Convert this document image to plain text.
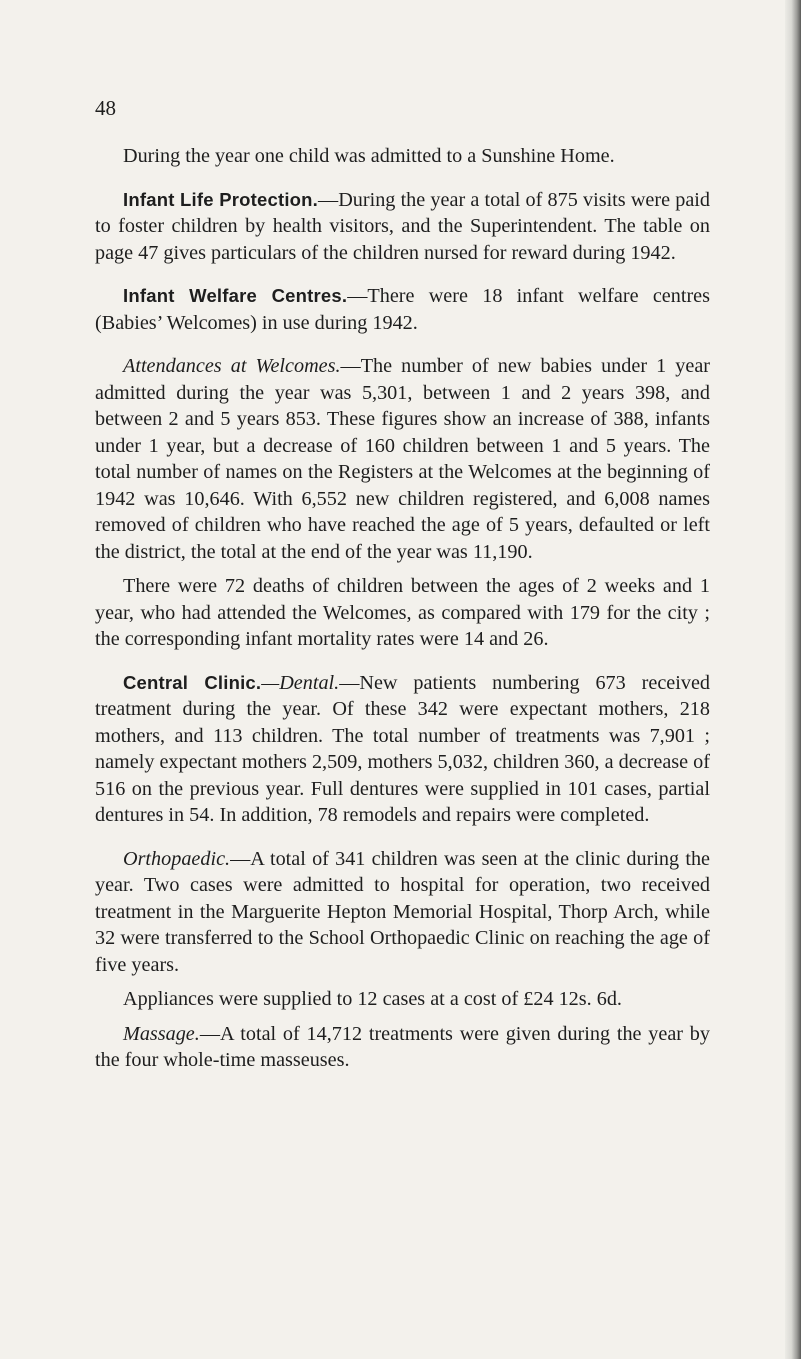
48

During the year one child was admitted to a Sunshine Home.

Infant Life Protection.—During the year a total of 875 visits were paid to foster children by health visitors, and the Superintendent. The table on page 47 gives particulars of the children nursed for reward during 1942.

Infant Welfare Centres.—There were 18 infant welfare centres (Babies’ Welcomes) in use during 1942.

Attendances at Welcomes.—The number of new babies under 1 year admitted during the year was 5,301, between 1 and 2 years 398, and between 2 and 5 years 853. These figures show an increase of 388, infants under 1 year, but a decrease of 160 children between 1 and 5 years. The total number of names on the Registers at the Welcomes at the beginning of 1942 was 10,646. With 6,552 new children registered, and 6,008 names removed of children who have reached the age of 5 years, defaulted or left the district, the total at the end of the year was 11,190.

There were 72 deaths of children between the ages of 2 weeks and 1 year, who had attended the Welcomes, as compared with 179 for the city ; the corresponding infant mortality rates were 14 and 26.

Central Clinic.—Dental.—New patients numbering 673 received treatment during the year. Of these 342 were expectant mothers, 218 mothers, and 113 children. The total number of treatments was 7,901 ; namely expectant mothers 2,509, mothers 5,032, children 360, a decrease of 516 on the previous year. Full dentures were supplied in 101 cases, partial dentures in 54. In addition, 78 remodels and repairs were completed.

Orthopaedic.—A total of 341 children was seen at the clinic during the year. Two cases were admitted to hospital for operation, two received treatment in the Marguerite Hepton Memorial Hospital, Thorp Arch, while 32 were transferred to the School Orthopaedic Clinic on reaching the age of five years.

Appliances were supplied to 12 cases at a cost of £24 12s. 6d.

Massage.—A total of 14,712 treatments were given during the year by the four whole-time masseuses.
